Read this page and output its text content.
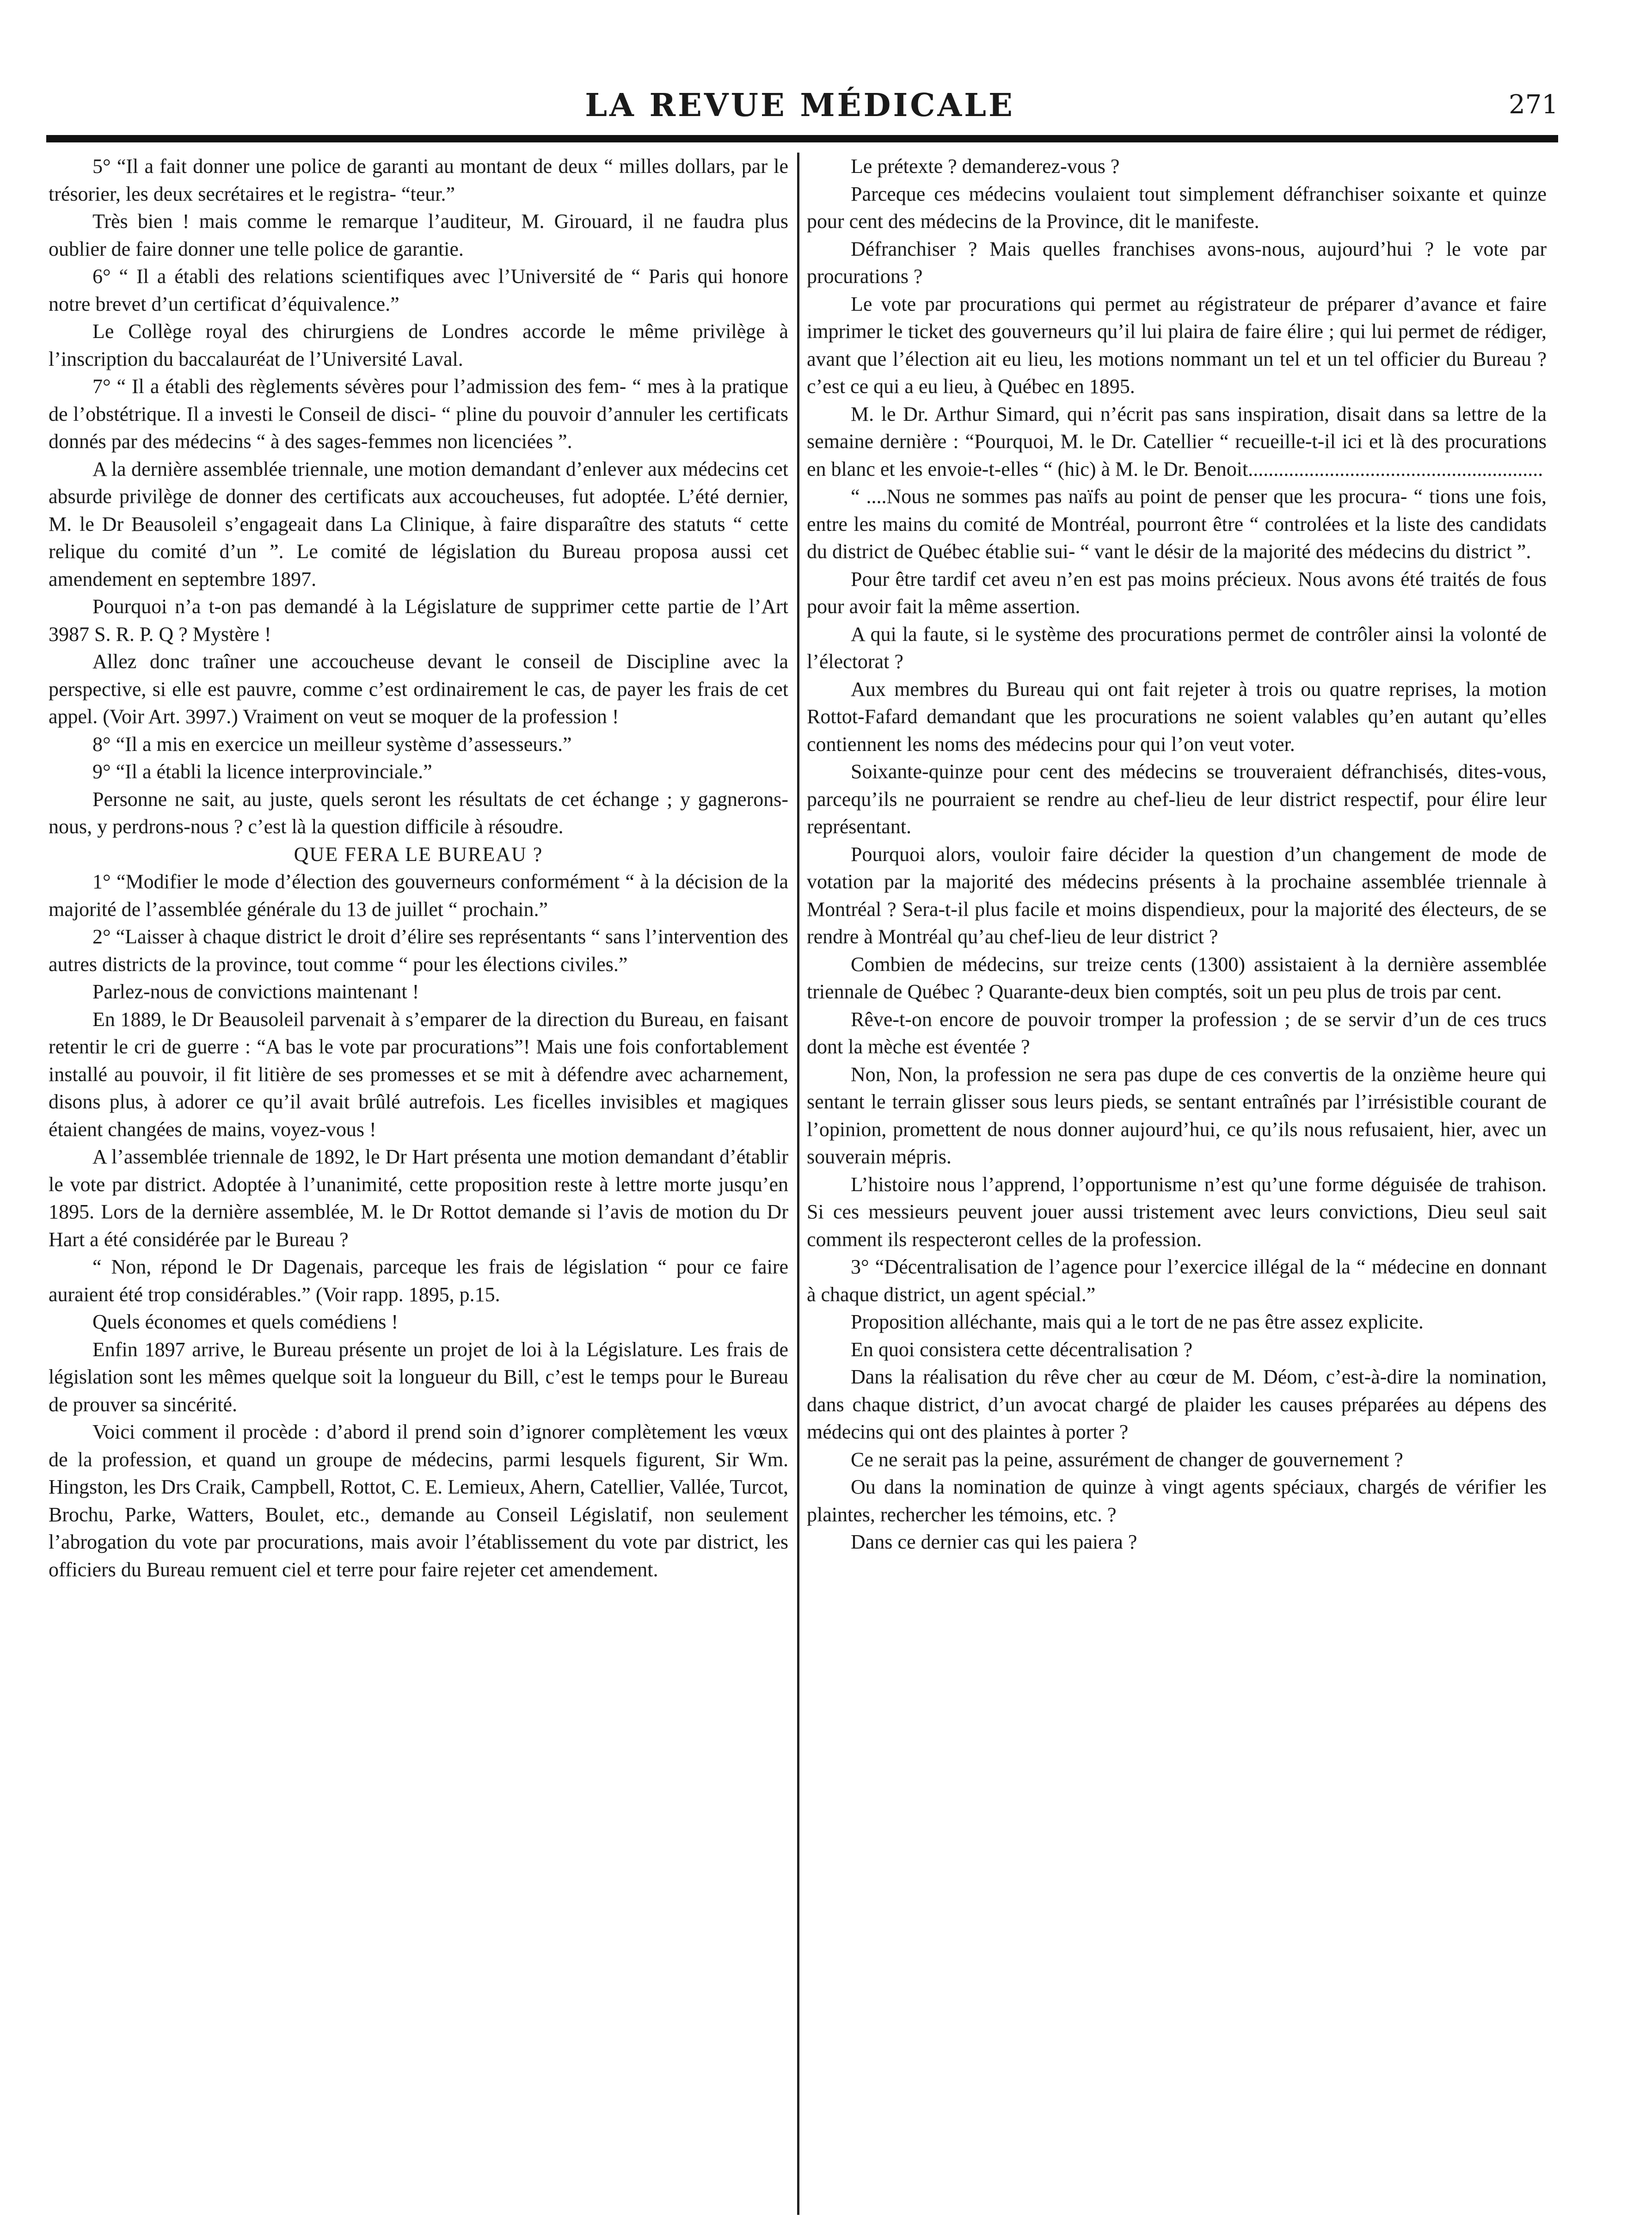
LA REVUE MÉDICALE	271

5° “Il a fait donner une police de garanti au montant de deux “ milles dollars, par le trésorier, les deux secrétaires et le registra- “teur.”

Très bien ! mais comme le remarque l’auditeur, M. Girouard, il ne faudra plus oublier de faire donner une telle police de garantie.

6° “ Il a établi des relations scientifiques avec l’Université de “ Paris qui honore notre brevet d’un certificat d’équivalence.”

Le Collège royal des chirurgiens de Londres accorde le même privilège à l’inscription du baccalauréat de l’Université Laval.

7° “ Il a établi des règlements sévères pour l’admission des fem- “ mes à la pratique de l’obstétrique. Il a investi le Conseil de disci- “ pline du pouvoir d’annuler les certificats donnés par des médecins “ à des sages-femmes non licenciées ”.

A la dernière assemblée triennale, une motion demandant d’enlever aux médecins cet absurde privilège de donner des certificats aux accoucheuses, fut adoptée. L’été dernier, M. le Dr Beausoleil s’engageait dans La Clinique, à faire disparaître des statuts “ cette relique du comité d’un ”. Le comité de législation du Bureau proposa aussi cet amendement en septembre 1897.

Pourquoi n’a t-on pas demandé à la Législature de supprimer cette partie de l’Art 3987 S. R. P. Q ? Mystère !

Allez donc traîner une accoucheuse devant le conseil de Discipline avec la perspective, si elle est pauvre, comme c’est ordinairement le cas, de payer les frais de cet appel. (Voir Art. 3997.) Vraiment on veut se moquer de la profession !

8° “Il a mis en exercice un meilleur système d’assesseurs.”

9° “Il a établi la licence interprovinciale.”

Personne ne sait, au juste, quels seront les résultats de cet échange ; y gagnerons-nous, y perdrons-nous ? c’est là la question difficile à résoudre.

QUE FERA LE BUREAU ?

1° “Modifier le mode d’élection des gouverneurs conformément “ à la décision de la majorité de l’assemblée générale du 13 de juillet “ prochain.”

2° “Laisser à chaque district le droit d’élire ses représentants “ sans l’intervention des autres districts de la province, tout comme “ pour les élections civiles.”

Parlez-nous de convictions maintenant !

En 1889, le Dr Beausoleil parvenait à s’emparer de la direction du Bureau, en faisant retentir le cri de guerre : “A bas le vote par procurations”! Mais une fois confortablement installé au pouvoir, il fit litière de ses promesses et se mit à défendre avec acharnement, disons plus, à adorer ce qu’il avait brûlé autrefois. Les ficelles invisibles et magiques étaient changées de mains, voyez-vous !

A l’assemblée triennale de 1892, le Dr Hart présenta une motion demandant d’établir le vote par district. Adoptée à l’unanimité, cette proposition reste à lettre morte jusqu’en 1895. Lors de la dernière assemblée, M. le Dr Rottot demande si l’avis de motion du Dr Hart a été considérée par le Bureau ?

“ Non, répond le Dr Dagenais, parceque les frais de législation “ pour ce faire auraient été trop considérables.” (Voir rapp. 1895, p.15.

Quels économes et quels comédiens !

Enfin 1897 arrive, le Bureau présente un projet de loi à la Législature. Les frais de législation sont les mêmes quelque soit la longueur du Bill, c’est le temps pour le Bureau de prouver sa sincérité.

Voici comment il procède : d’abord il prend soin d’ignorer complètement les vœux de la profession, et quand un groupe de médecins, parmi lesquels figurent, Sir Wm. Hingston, les Drs Craik, Campbell, Rottot, C. E. Lemieux, Ahern, Catellier, Vallée, Turcot, Brochu, Parke, Watters, Boulet, etc., demande au Conseil Législatif, non seulement l’abrogation du vote par procurations, mais avoir l’établissement du vote par district, les officiers du Bureau remuent ciel et terre pour faire rejeter cet amendement.

Le prétexte ? demanderez-vous ?

Parceque ces médecins voulaient tout simplement défranchiser soixante et quinze pour cent des médecins de la Province, dit le manifeste.

Défranchiser ? Mais quelles franchises avons-nous, aujourd’hui ? le vote par procurations ?

Le vote par procurations qui permet au régistrateur de préparer d’avance et faire imprimer le ticket des gouverneurs qu’il lui plaira de faire élire ; qui lui permet de rédiger, avant que l’élection ait eu lieu, les motions nommant un tel et un tel officier du Bureau ? c’est ce qui a eu lieu, à Québec en 1895.

M. le Dr. Arthur Simard, qui n’écrit pas sans inspiration, disait dans sa lettre de la semaine dernière : “Pourquoi, M. le Dr. Catellier “ recueille-t-il ici et là des procurations en blanc et les envoie-t-elles “ (hic) à M. le Dr. Benoit..........................................................

“ ....Nous ne sommes pas naïfs au point de penser que les procura- “ tions une fois, entre les mains du comité de Montréal, pourront être “ controlées et la liste des candidats du district de Québec établie sui- “ vant le désir de la majorité des médecins du district ”.

Pour être tardif cet aveu n’en est pas moins précieux. Nous avons été traités de fous pour avoir fait la même assertion.

A qui la faute, si le système des procurations permet de contrôler ainsi la volonté de l’électorat ?

Aux membres du Bureau qui ont fait rejeter à trois ou quatre reprises, la motion Rottot-Fafard demandant que les procurations ne soient valables qu’en autant qu’elles contiennent les noms des médecins pour qui l’on veut voter.

Soixante-quinze pour cent des médecins se trouveraient défranchisés, dites-vous, parcequ’ils ne pourraient se rendre au chef-lieu de leur district respectif, pour élire leur représentant.

Pourquoi alors, vouloir faire décider la question d’un changement de mode de votation par la majorité des médecins présents à la prochaine assemblée triennale à Montréal ? Sera-t-il plus facile et moins dispendieux, pour la majorité des électeurs, de se rendre à Montréal qu’au chef-lieu de leur district ?

Combien de médecins, sur treize cents (1300) assistaient à la dernière assemblée triennale de Québec ? Quarante-deux bien comptés, soit un peu plus de trois par cent.

Rêve-t-on encore de pouvoir tromper la profession ; de se servir d’un de ces trucs dont la mèche est éventée ?

Non, Non, la profession ne sera pas dupe de ces convertis de la onzième heure qui sentant le terrain glisser sous leurs pieds, se sentant entraînés par l’irrésistible courant de l’opinion, promettent de nous donner aujourd’hui, ce qu’ils nous refusaient, hier, avec un souverain mépris.

L’histoire nous l’apprend, l’opportunisme n’est qu’une forme déguisée de trahison. Si ces messieurs peuvent jouer aussi tristement avec leurs convictions, Dieu seul sait comment ils respecteront celles de la profession.

3° “Décentralisation de l’agence pour l’exercice illégal de la “ médecine en donnant à chaque district, un agent spécial.”

Proposition alléchante, mais qui a le tort de ne pas être assez explicite.

En quoi consistera cette décentralisation ?

Dans la réalisation du rêve cher au cœur de M. Déom, c’est-à-dire la nomination, dans chaque district, d’un avocat chargé de plaider les causes préparées au dépens des médecins qui ont des plaintes à porter ?

Ce ne serait pas la peine, assurément de changer de gouvernement ?

Ou dans la nomination de quinze à vingt agents spéciaux, chargés de vérifier les plaintes, rechercher les témoins, etc. ?

Dans ce dernier cas qui les paiera ?
